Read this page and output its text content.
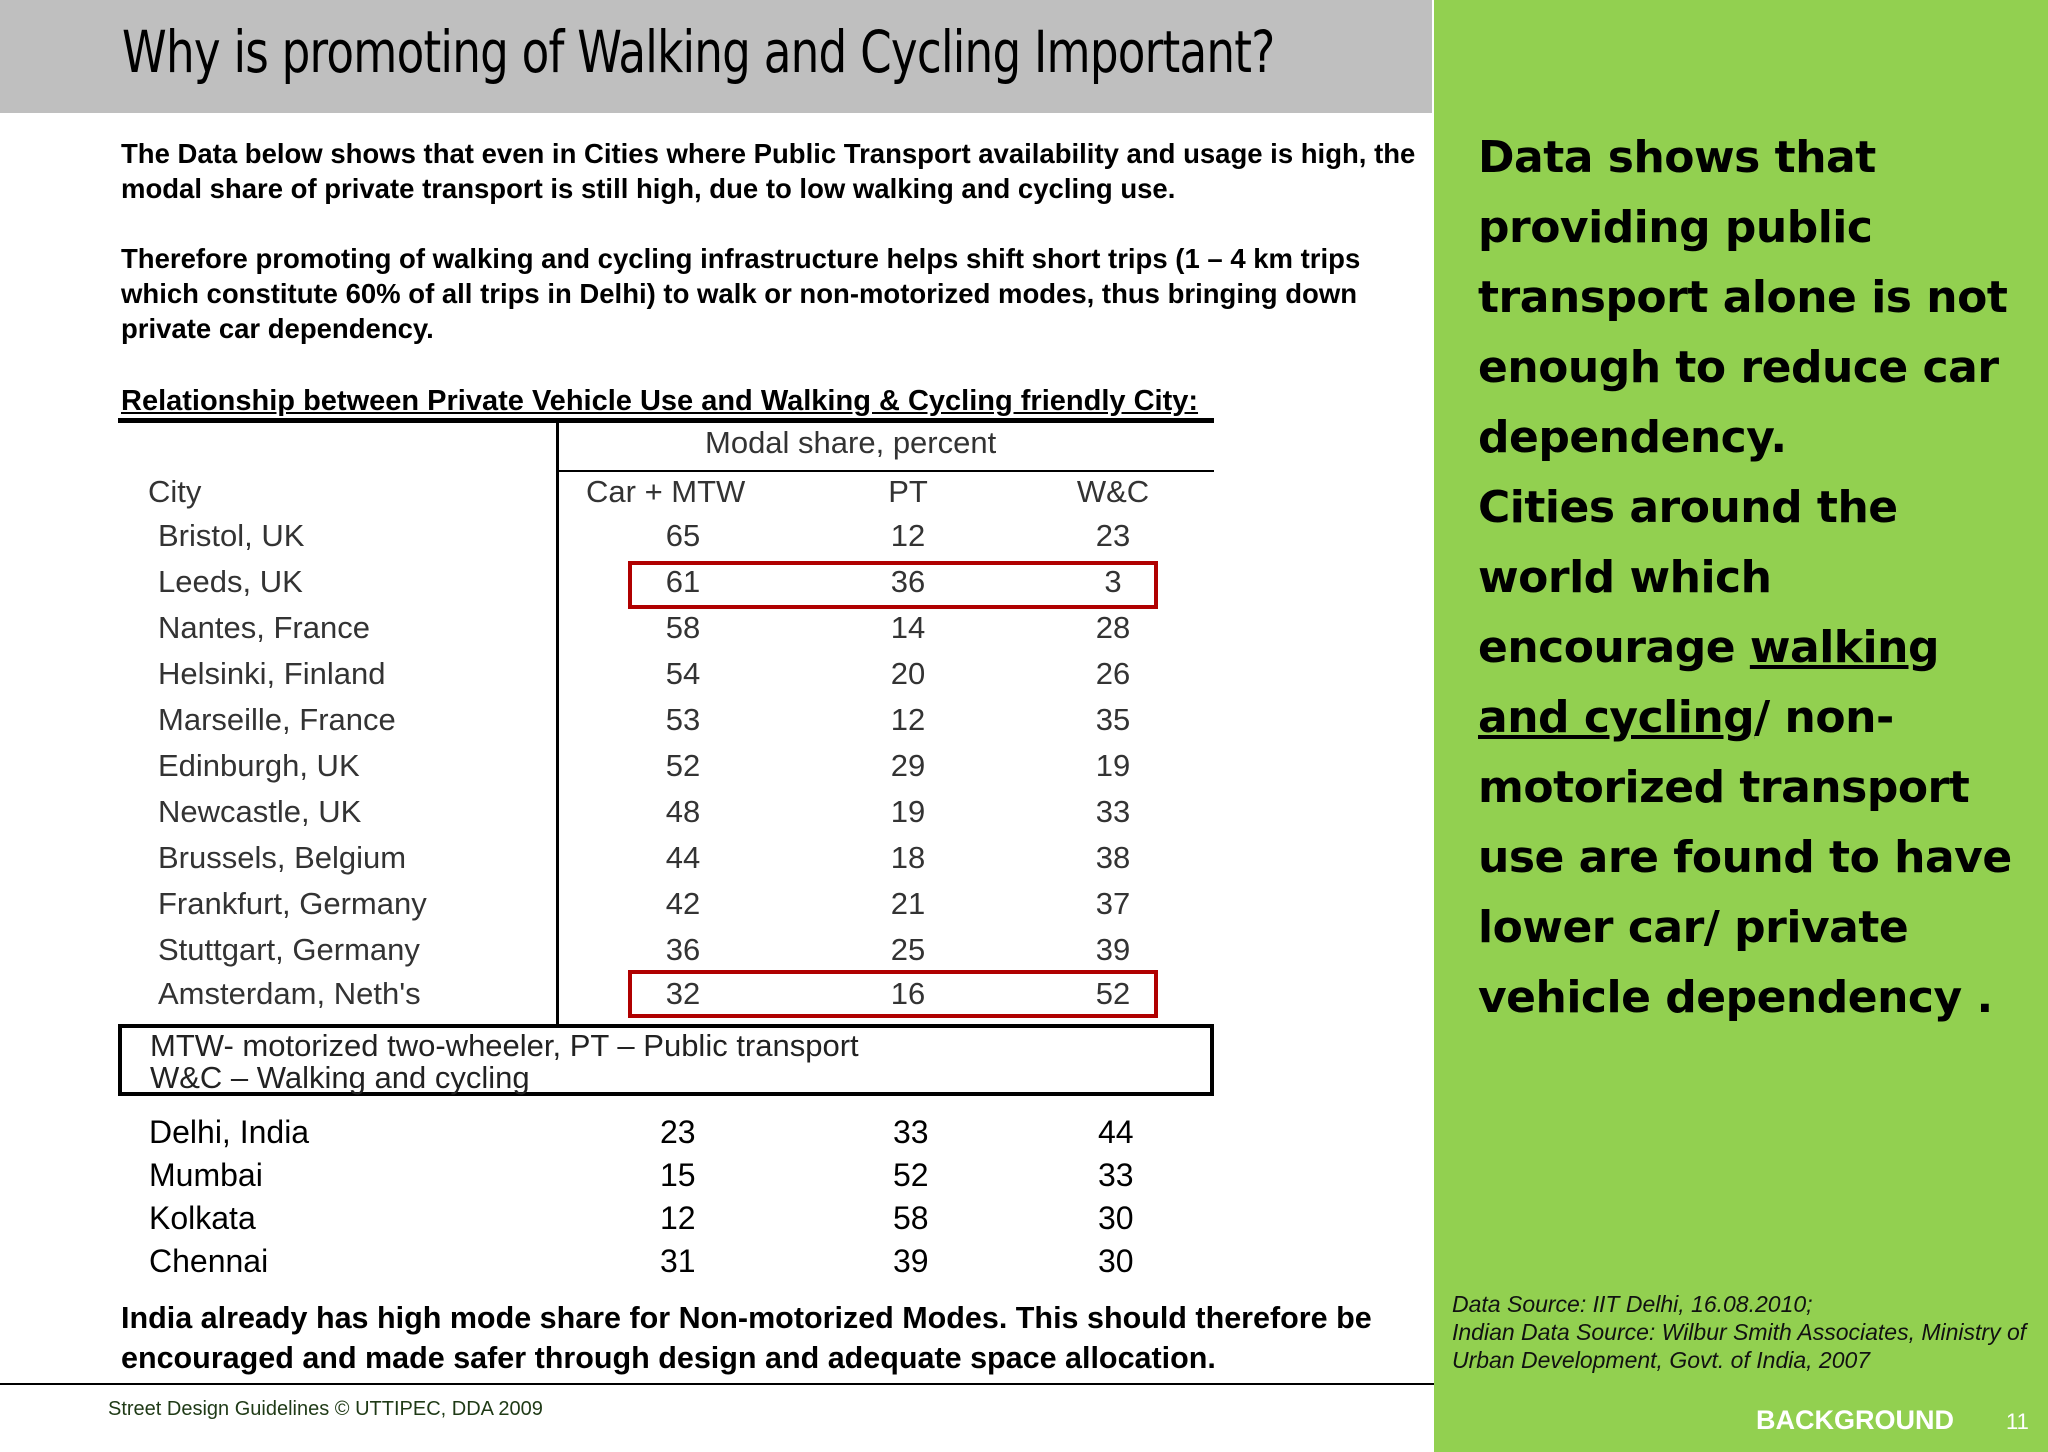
Why is promoting of Walking and Cycling Important?
The Data below shows that even in Cities where Public Transport availability and usage is high, the modal share of private transport is still high, due to low walking and cycling use.
Therefore promoting of walking and cycling infrastructure helps shift short trips (1 – 4 km trips which constitute 60% of all trips in Delhi) to walk or non-motorized modes, thus bringing down private car dependency.
Relationship between Private Vehicle Use and Walking & Cycling friendly City:
Modal share, percent
City	Car + MTW	PT	W&C
Bristol, UK	65	12	23
Leeds, UK	61	36	3
Nantes, France	58	14	28
Helsinki, Finland	54	20	26
Marseille, France	53	12	35
Edinburgh, UK	52	29	19
Newcastle, UK	48	19	33
Brussels, Belgium	44	18	38
Frankfurt, Germany	42	21	37
Stuttgart, Germany	36	25	39
Amsterdam, Neth's	32	16	52
MTW- motorized two-wheeler, PT – Public transport
W&C – Walking and cycling
Delhi, India	23	33	44
Mumbai	15	52	33
Kolkata	12	58	30
Chennai	31	39	30
India already has high mode share for Non-motorized Modes. This should therefore be encouraged and made safer through design and adequate space allocation.
Street Design Guidelines © UTTIPEC, DDA 2009
Data shows that providing public transport alone is not enough to reduce car dependency.
Cities around the world which encourage walking and cycling/ non-motorized transport use are found to have lower car/ private vehicle dependency .
Data Source: IIT Delhi, 16.08.2010;
Indian Data Source: Wilbur Smith Associates, Ministry of Urban Development, Govt. of India, 2007
BACKGROUND 11
